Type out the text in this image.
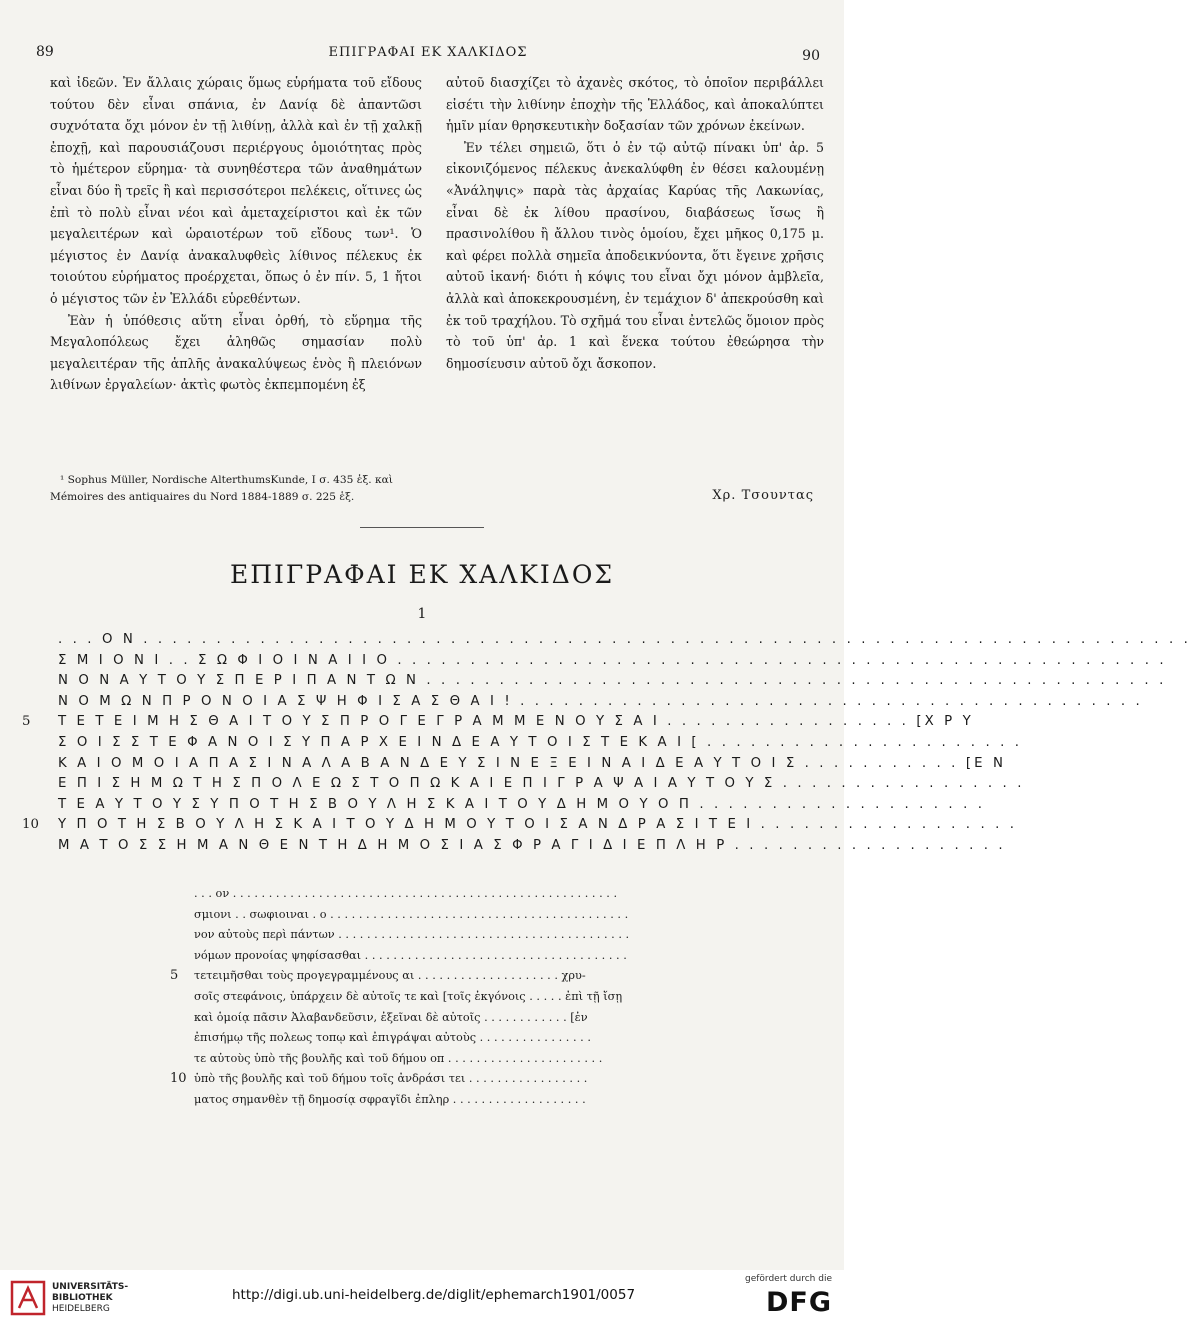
89	ΕΠΙΓΡΑΦΑΙ ΕΚ ΧΑΛΚΙΔΟΣ	90

καὶ ἰδεῶν. Ἐν ἄλλαις χώραις ὅμως εὑρήματα τοῦ εἴδους τούτου δὲν εἶναι σπάνια, ἐν Δανίᾳ δὲ ἀπαντῶσι συχνότατα ὄχι μόνον ἐν τῇ λιθίνῃ, ἀλλὰ καὶ ἐν τῇ χαλκῇ ἐποχῇ, καὶ παρουσιάζουσι περιέργους ὁμοιότητας πρὸς τὸ ἡμέτερον εὕρημα· τὰ συνηθέστερα τῶν ἀναθημάτων εἶναι δύο ἢ τρεῖς ἢ καὶ περισσότεροι πελέκεις, οἵτινες ὡς ἐπὶ τὸ πολὺ εἶναι νέοι καὶ ἀμεταχείριστοι καὶ ἐκ τῶν μεγαλειτέρων καὶ ὡραιοτέρων τοῦ εἴδους των¹. Ὁ μέγιστος ἐν Δανίᾳ ἀνακαλυφθεὶς λίθινος πέλεκυς ἐκ τοιούτου εὑρήματος προέρχεται, ὅπως ὁ ἐν πίν. 5, 1 ἤτοι ὁ μέγιστος τῶν ἐν Ἑλλάδι εὑρεθέντων.

Ἐὰν ἡ ὑπόθεσις αὕτη εἶναι ὀρθή, τὸ εὕρημα τῆς Μεγαλοπόλεως ἔχει ἀληθῶς σημασίαν πολὺ μεγαλειτέραν τῆς ἁπλῆς ἀνακαλύψεως ἑνὸς ἢ πλειόνων λιθίνων ἐργαλείων· ἀκτὶς φωτὸς ἐκπεμπομένη ἐξ

¹ Sophus Müller, Nordische AlterthumsKunde, I σ. 435 ἑξ. καὶ Mémoires des antiquaires du Nord 1884-1889 σ. 225 ἑξ.

αὐτοῦ διασχίζει τὸ ἀχανὲς σκότος, τὸ ὁποῖον περιβάλλει εἰσέτι τὴν λιθίνην ἐποχὴν τῆς Ἑλλάδος, καὶ ἀποκαλύπτει ἡμῖν μίαν θρησκευτικὴν δοξασίαν τῶν χρόνων ἐκείνων.

Ἐν τέλει σημειῶ, ὅτι ὁ ἐν τῷ αὐτῷ πίνακι ὑπ' ἀρ. 5 εἰκονιζόμενος πέλεκυς ἀνεκαλύφθη ἐν θέσει καλουμένῃ «Ἀνάληψις» παρὰ τὰς ἀρχαίας Καρύας τῆς Λακωνίας, εἶναι δὲ ἐκ λίθου πρασίνου, διαβάσεως ἴσως ἢ πρασινολίθου ἢ ἄλλου τινὸς ὁμοίου, ἔχει μῆκος 0,175 μ. καὶ φέρει πολλὰ σημεῖα ἀποδεικνύοντα, ὅτι ἔγεινε χρῆσις αὐτοῦ ἱκανή· διότι ἡ κόψις του εἶναι ὄχι μόνον ἀμβλεῖα, ἀλλὰ καὶ ἀποκεκρουσμένη, ἐν τεμάχιον δ' ἀπεκρούσθη καὶ ἐκ τοῦ τραχήλου. Τὸ σχῆμά του εἶναι ἐντελῶς ὅμοιον πρὸς τὸ τοῦ ὑπ' ἀρ. 1 καὶ ἕνεκα τούτου ἐθεώρησα τὴν δημοσίευσιν αὐτοῦ ὄχι ἄσκοπον.

Χρ. Τσουντας
ΕΠΙΓΡΑΦΑΙ ΕΚ ΧΑΛΚΙΔΟΣ
1
. . . Ο Ν . . . . . . . . . . . . . . . . . . . . . . . . . . . . . . . . . . . . . . . . . . . . . . . . . . . . . . . . . . . . . . . . . . . . . . . .
Σ Μ Ι Ο Ν Ι . . Σ Ω Φ Ι Ο Ι Ν Α Ι Ι Ο . . . . . . . . . . . . . . . . . . . . . . . . . . . . . . . . . . . . . . . . . . . . . . . . . . . . .
Ν Ο Ν Α Υ Τ Ο Υ Σ Π Ε Ρ Ι Π Α Ν Τ Ω Ν . . . . . . . . . . . . . . . . . . . . . . . . . . . . . . . . . . . . . . . . . . . . . . . . . . .
Ν Ο Μ Ω Ν Π Ρ Ο Ν Ο Ι Α Σ Ψ Η Φ Ι Σ Α Σ Θ Α Ι ! . . . . . . . . . . . . . . . . . . . . . . . . . . . . . . . . . . . . . . . . . . .
5	Τ Ε Τ Ε Ι Μ Η Σ Θ Α Ι Τ Ο Υ Σ Π Ρ Ο Γ Ε Γ Ρ Α Μ Μ Ε Ν Ο Υ Σ Α Ι . . . . . . . . . . . . . . . . . [Χ Ρ Υ
Σ Ο Ι Σ Σ Τ Ε Φ Α Ν Ο Ι Σ Υ Π Α Ρ Χ Ε Ι Ν Δ Ε Α Υ Τ Ο Ι Σ Τ Ε Κ Α Ι [ . . . . . . . . . . . . . . . . . . . . . .
Κ Α Ι Ο Μ Ο Ι Α Π Α Σ Ι Ν Α Λ Α Β Α Ν Δ Ε Υ Σ Ι Ν Ε Ξ Ε Ι Ν Α Ι Δ Ε Α Υ Τ Ο Ι Σ . . . . . . . . . . . [Ε Ν
Ε Π Ι Σ Η Μ Ω Τ Η Σ Π Ο Λ Ε Ω Σ Τ Ο Π Ω Κ Α Ι Ε Π Ι Γ Ρ Α Ψ Α Ι Α Υ Τ Ο Υ Σ . . . . . . . . . . . . . . . . .
Τ Ε Α Υ Τ Ο Υ Σ Υ Π Ο Τ Η Σ Β Ο Υ Λ Η Σ Κ Α Ι Τ Ο Υ Δ Η Μ Ο Υ Ο Π . . . . . . . . . . . . . . . . . . . .
10 Υ Π Ο Τ Η Σ Β Ο Υ Λ Η Σ Κ Α Ι Τ Ο Υ Δ Η Μ Ο Υ Τ Ο Ι Σ Α Ν Δ Ρ Α Σ Ι Τ Ε Ι . . . . . . . . . . . . . . . . . .
Μ Α Τ Ο Σ Σ Η Μ Α Ν Θ Ε Ν Τ Η Δ Η Μ Ο Σ Ι Α Σ Φ Ρ Α Γ Ι Δ Ι Ε Π Λ Η Ρ . . . . . . . . . . . . . . . . . . .
. . . ον . . . . . . . . . . . . . . . . . . . . . . . . . . . . . . . . . . . . . . . . . . . . . . . . . . . . . .
σμιονι . . σωφιοιναι . ο . . . . . . . . . . . . . . . . . . . . . . . . . . . . . . . . . . . . . . . . . .
νον αὐτοὺς περὶ πάντων . . . . . . . . . . . . . . . . . . . . . . . . . . . . . . . . . . . . . . . . .
νόμων προνοίας ψηφίσασθαι . . . . . . . . . . . . . . . . . . . . . . . . . . . . . . . . . . . . .
5 τετειμῆσθαι τοὺς προγεγραμμένους αι . . . . . . . . . . . . . . . . . . . . χρυ-
σοῖς στεφάνοις, ὑπάρχειν δὲ αὐτοῖς τε καὶ [τοῖς ἐκγόνοις . . . . . ἐπὶ τῇ ἴσῃ
καὶ ὁμοίᾳ πᾶσιν Ἀλαβανδεῦσιν, ἐξεῖναι δὲ αὐτοῖς . . . . . . . . . . . . [ἐν
ἐπισήμῳ τῆς πολεως τοπῳ καὶ ἐπιγράψαι αὐτοὺς . . . . . . . . . . . . . . . .
τε αὐτοὺς ὑπὸ τῆς βουλῆς καὶ τοῦ δήμου οπ . . . . . . . . . . . . . . . . . . . . . .
10 ὑπὸ τῆς βουλῆς καὶ τοῦ δήμου τοῖς ἀνδράσι τει . . . . . . . . . . . . . . . . .
ματος σημανθὲν τῇ δημοσίᾳ σφραγῖδι ἐπληρ . . . . . . . . . . . . . . . . . . .
UNIVERSITÄTS-
BIBLIOTHEK
HEIDELBERG
http://digi.ub.uni-heidelberg.de/diglit/ephemarch1901/0057
gefördert durch die
DFG
